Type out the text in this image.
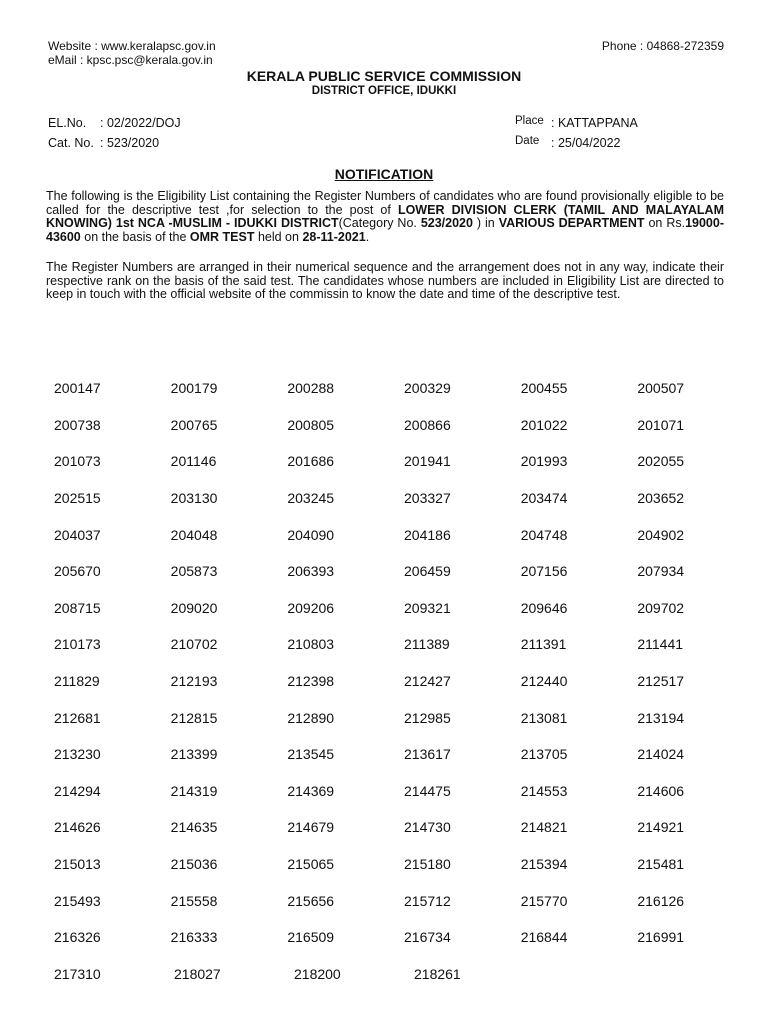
Website : www.keralapsc.gov.in
eMail : kpsc.psc@kerala.gov.in
Phone : 04868-272359
KERALA PUBLIC SERVICE COMMISSION
DISTRICT OFFICE, IDUKKI
EL.No. : 02/2022/DOJ
Cat. No. : 523/2020
Place : KATTAPPANA
Date : 25/04/2022
NOTIFICATION
The following is the Eligibility List containing the Register Numbers of candidates who are found provisionally eligible to be called for the descriptive test ,for selection to the post of LOWER DIVISION CLERK (TAMIL AND MALAYALAM KNOWING) 1st NCA -MUSLIM - IDUKKI DISTRICT(Category No. 523/2020 ) in VARIOUS DEPARTMENT on Rs.19000-43600 on the basis of the OMR TEST held on 28-11-2021.
The Register Numbers are arranged in their numerical sequence and the arrangement does not in any way, indicate their respective rank on the basis of the said test. The candidates whose numbers are included in Eligibility List are directed to keep in touch with the official website of the commissin to know the date and time of the descriptive test.
200147	200179	200288	200329	200455	200507
200738	200765	200805	200866	201022	201071
201073	201146	201686	201941	201993	202055
202515	203130	203245	203327	203474	203652
204037	204048	204090	204186	204748	204902
205670	205873	206393	206459	207156	207934
208715	209020	209206	209321	209646	209702
210173	210702	210803	211389	211391	211441
211829	212193	212398	212427	212440	212517
212681	212815	212890	212985	213081	213194
213230	213399	213545	213617	213705	214024
214294	214319	214369	214475	214553	214606
214626	214635	214679	214730	214821	214921
215013	215036	215065	215180	215394	215481
215493	215558	215656	215712	215770	216126
216326	216333	216509	216734	216844	216991
217310	218027	218200	218261
